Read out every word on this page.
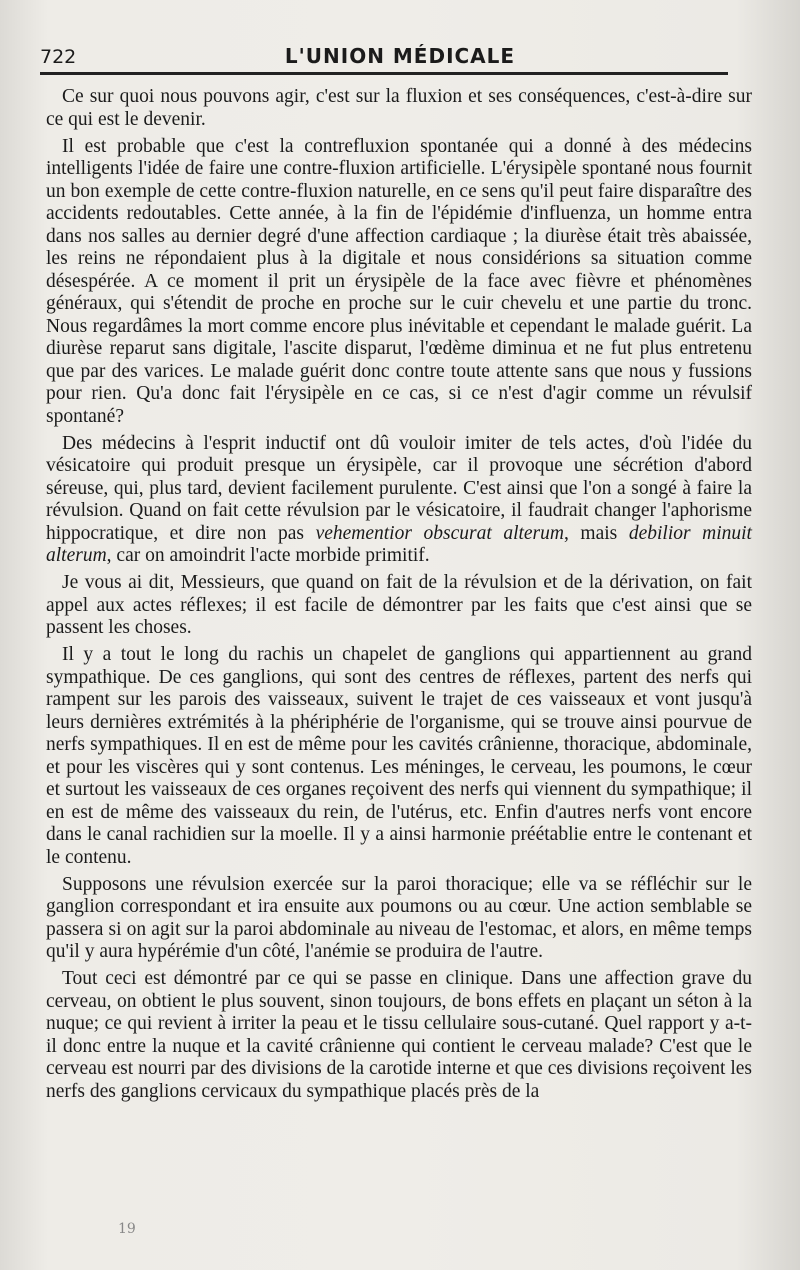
722	L'UNION MÉDICALE

Ce sur quoi nous pouvons agir, c'est sur la fluxion et ses conséquences, c'est-à-dire sur ce qui est le devenir.

Il est probable que c'est la contrefluxion spontanée qui a donné à des médecins intelligents l'idée de faire une contre-fluxion artificielle. L'érysipèle spontané nous fournit un bon exemple de cette contre-fluxion naturelle, en ce sens qu'il peut faire disparaître des accidents redoutables. Cette année, à la fin de l'épidémie d'influenza, un homme entra dans nos salles au dernier degré d'une affection cardiaque ; la diurèse était très abaissée, les reins ne répondaient plus à la digitale et nous considérions sa situation comme désespérée. A ce moment il prit un érysipèle de la face avec fièvre et phénomènes généraux, qui s'étendit de proche en proche sur le cuir chevelu et une partie du tronc. Nous regardâmes la mort comme encore plus inévitable et cependant le malade guérit. La diurèse reparut sans digitale, l'ascite disparut, l'œdème diminua et ne fut plus entretenu que par des varices. Le malade guérit donc contre toute attente sans que nous y fussions pour rien. Qu'a donc fait l'érysipèle en ce cas, si ce n'est d'agir comme un révulsif spontané?

Des médecins à l'esprit inductif ont dû vouloir imiter de tels actes, d'où l'idée du vésicatoire qui produit presque un érysipèle, car il provoque une sécrétion d'abord séreuse, qui, plus tard, devient facilement purulente. C'est ainsi que l'on a songé à faire la révulsion. Quand on fait cette révulsion par le vésicatoire, il faudrait changer l'aphorisme hippocratique, et dire non pas vehementior obscurat alterum, mais debilior minuit alterum, car on amoindrit l'acte morbide primitif.

Je vous ai dit, Messieurs, que quand on fait de la révulsion et de la dérivation, on fait appel aux actes réflexes; il est facile de démontrer par les faits que c'est ainsi que se passent les choses.

Il y a tout le long du rachis un chapelet de ganglions qui appartiennent au grand sympathique. De ces ganglions, qui sont des centres de réflexes, partent des nerfs qui rampent sur les parois des vaisseaux, suivent le trajet de ces vaisseaux et vont jusqu'à leurs dernières extrémités à la phériphérie de l'organisme, qui se trouve ainsi pourvue de nerfs sympathiques. Il en est de même pour les cavités crânienne, thoracique, abdominale, et pour les viscères qui y sont contenus. Les méninges, le cerveau, les poumons, le cœur et surtout les vaisseaux de ces organes reçoivent des nerfs qui viennent du sympathique; il en est de même des vaisseaux du rein, de l'utérus, etc. Enfin d'autres nerfs vont encore dans le canal rachidien sur la moelle. Il y a ainsi harmonie préétablie entre le contenant et le contenu.

Supposons une révulsion exercée sur la paroi thoracique; elle va se réfléchir sur le ganglion correspondant et ira ensuite aux poumons ou au cœur. Une action semblable se passera si on agit sur la paroi abdominale au niveau de l'estomac, et alors, en même temps qu'il y aura hypérémie d'un côté, l'anémie se produira de l'autre.

Tout ceci est démontré par ce qui se passe en clinique. Dans une affection grave du cerveau, on obtient le plus souvent, sinon toujours, de bons effets en plaçant un séton à la nuque; ce qui revient à irriter la peau et le tissu cellulaire sous-cutané. Quel rapport y a-t-il donc entre la nuque et la cavité crânienne qui contient le cerveau malade? C'est que le cerveau est nourri par des divisions de la carotide interne et que ces divisions reçoivent les nerfs des ganglions cervicaux du sympathique placés près de la

19
